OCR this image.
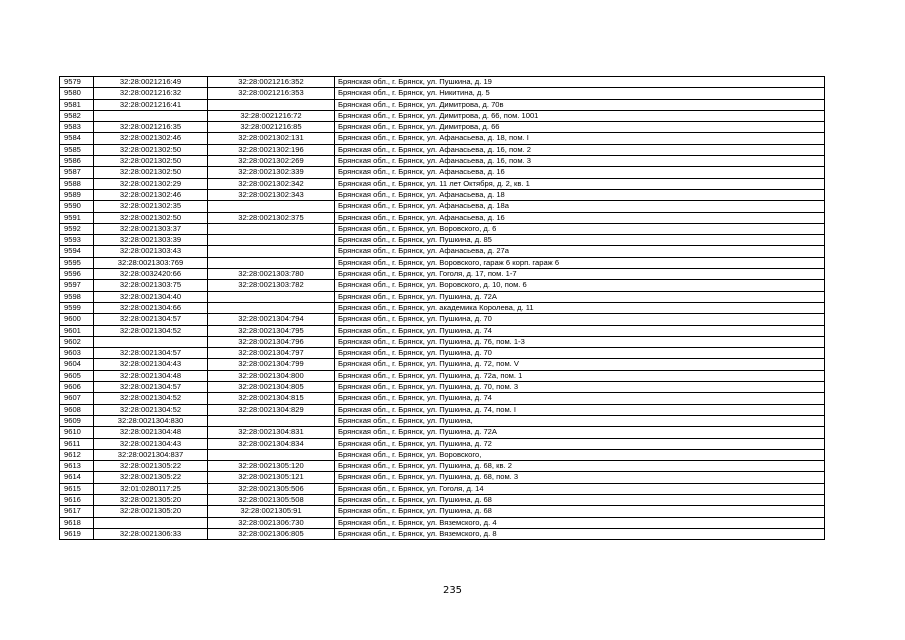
9579	32:28:0021216:49	32:28:0021216:352	Брянская обл., г. Брянск, ул. Пушкина, д. 19
9580	32:28:0021216:32	32:28:0021216:353	Брянская обл., г. Брянск, ул. Никитина, д. 5
9581	32:28:0021216:41		Брянская обл., г. Брянск, ул. Димитрова, д. 70в
9582		32:28:0021216:72	Брянская обл., г. Брянск, ул. Димитрова, д. 66, пом. 1001
9583	32:28:0021216:35	32:28:0021216:85	Брянская обл., г. Брянск, ул. Димитрова, д. 66
9584	32:28:0021302:46	32:28:0021302:131	Брянская обл., г. Брянск, ул. Афанасьева, д. 18, пом. I
9585	32:28:0021302:50	32:28:0021302:196	Брянская обл., г. Брянск, ул. Афанасьева, д. 16, пом. 2
9586	32:28:0021302:50	32:28:0021302:269	Брянская обл., г. Брянск, ул. Афанасьева, д. 16, пом. 3
9587	32:28:0021302:50	32:28:0021302:339	Брянская обл., г. Брянск, ул. Афанасьева, д. 16
9588	32:28:0021302:29	32:28:0021302:342	Брянская обл., г. Брянск, ул. 11 лет Октября, д. 2, кв. 1
9589	32:28:0021302:46	32:28:0021302:343	Брянская обл., г. Брянск, ул. Афанасьева, д. 18
9590	32:28:0021302:35		Брянская обл., г. Брянск, ул. Афанасьева, д. 18а
9591	32:28:0021302:50	32:28:0021302:375	Брянская обл., г. Брянск, ул. Афанасьева, д. 16
9592	32:28:0021303:37		Брянская обл., г. Брянск, ул. Воровского, д. 6
9593	32:28:0021303:39		Брянская обл., г. Брянск, ул. Пушкина, д. 85
9594	32:28:0021303:43		Брянская обл., г. Брянск, ул. Афанасьева, д. 27а
9595	32:28:0021303:769		Брянская обл., г. Брянск, ул. Воровского, гараж 6 корп. гараж 6
9596	32:28:0032420:66	32:28:0021303:780	Брянская обл., г. Брянск, ул. Гоголя, д. 17, пом. 1-7
9597	32:28:0021303:75	32:28:0021303:782	Брянская обл., г. Брянск, ул. Воровского, д. 10, пом. 6
9598	32:28:0021304:40		Брянская обл., г. Брянск, ул. Пушкина, д. 72А
9599	32:28:0021304:66		Брянская обл., г. Брянск, ул. академика Королева, д. 11
9600	32:28:0021304:57	32:28:0021304:794	Брянская обл., г. Брянск, ул. Пушкина, д. 70
9601	32:28:0021304:52	32:28:0021304:795	Брянская обл., г. Брянск, ул. Пушкина, д. 74
9602		32:28:0021304:796	Брянская обл., г. Брянск, ул. Пушкина, д. 76, пом. 1-3
9603	32:28:0021304:57	32:28:0021304:797	Брянская обл., г. Брянск, ул. Пушкина, д. 70
9604	32:28:0021304:43	32:28:0021304:799	Брянская обл., г. Брянск, ул. Пушкина, д. 72, пом. V
9605	32:28:0021304:48	32:28:0021304:800	Брянская обл., г. Брянск, ул. Пушкина, д. 72а, пом. 1
9606	32:28:0021304:57	32:28:0021304:805	Брянская обл., г. Брянск, ул. Пушкина, д. 70, пом. 3
9607	32:28:0021304:52	32:28:0021304:815	Брянская обл., г. Брянск, ул. Пушкина, д. 74
9608	32:28:0021304:52	32:28:0021304:829	Брянская обл., г. Брянск, ул. Пушкина, д. 74, пом. I
9609	32:28:0021304:830		Брянская обл., г. Брянск, ул. Пушкина,
9610	32:28:0021304:48	32:28:0021304:831	Брянская обл., г. Брянск, ул. Пушкина, д. 72А
9611	32:28:0021304:43	32:28:0021304:834	Брянская обл., г. Брянск, ул. Пушкина, д. 72
9612	32:28:0021304:837		Брянская обл., г. Брянск, ул. Воровского,
9613	32:28:0021305:22	32:28:0021305:120	Брянская обл., г. Брянск, ул. Пушкина, д. 68, кв. 2
9614	32:28:0021305:22	32:28:0021305:121	Брянская обл., г. Брянск, ул. Пушкина, д. 68, пом. 3
9615	32:01:0280117:25	32:28:0021305:506	Брянская обл., г. Брянск, ул. Гоголя, д. 14
9616	32:28:0021305:20	32:28:0021305:508	Брянская обл., г. Брянск, ул. Пушкина, д. 68
9617	32:28:0021305:20	32:28:0021305:91	Брянская обл., г. Брянск, ул. Пушкина, д. 68
9618		32:28:0021306:730	Брянская обл., г. Брянск, ул. Вяземского, д. 4
9619	32:28:0021306:33	32:28:0021306:805	Брянская обл., г. Брянск, ул. Вяземского, д. 8
235
